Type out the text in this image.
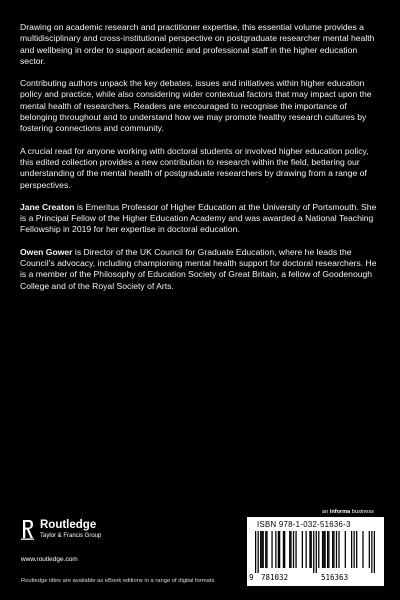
Drawing on academic research and practitioner expertise, this essential volume provides a multidisciplinary and cross-institutional perspective on postgraduate researcher mental health and wellbeing in order to support academic and professional staff in the higher education sector.

Contributing authors unpack the key debates, issues and initiatives within higher education policy and practice, while also considering wider contextual factors that may impact upon the mental health of researchers. Readers are encouraged to recognise the importance of belonging throughout and to understand how we may promote healthy research cultures by fostering connections and community.

A crucial read for anyone working with doctoral students or involved higher education policy, this edited collection provides a new contribution to research within the field, bettering our understanding of the mental health of postgraduate researchers by drawing from a range of perspectives.

Jane Creaton is Emeritus Professor of Higher Education at the University of Portsmouth. She is a Principal Fellow of the Higher Education Academy and was awarded a National Teaching Fellowship in 2019 for her expertise in doctoral education.

Owen Gower is Director of the UK Council for Graduate Education, where he leads the Council’s advocacy, including championing mental health support for doctoral researchers. He is a member of the Philosophy of Education Society of Great Britain, a fellow of Goodenough College and of the Royal Society of Arts.

Routledge
Taylor & Francis Group
www.routledge.com
Routledge titles are available as eBook editions in a range of digital formats
an informa business
ISBN 978-1-032-51636-3
9 781032	516363
